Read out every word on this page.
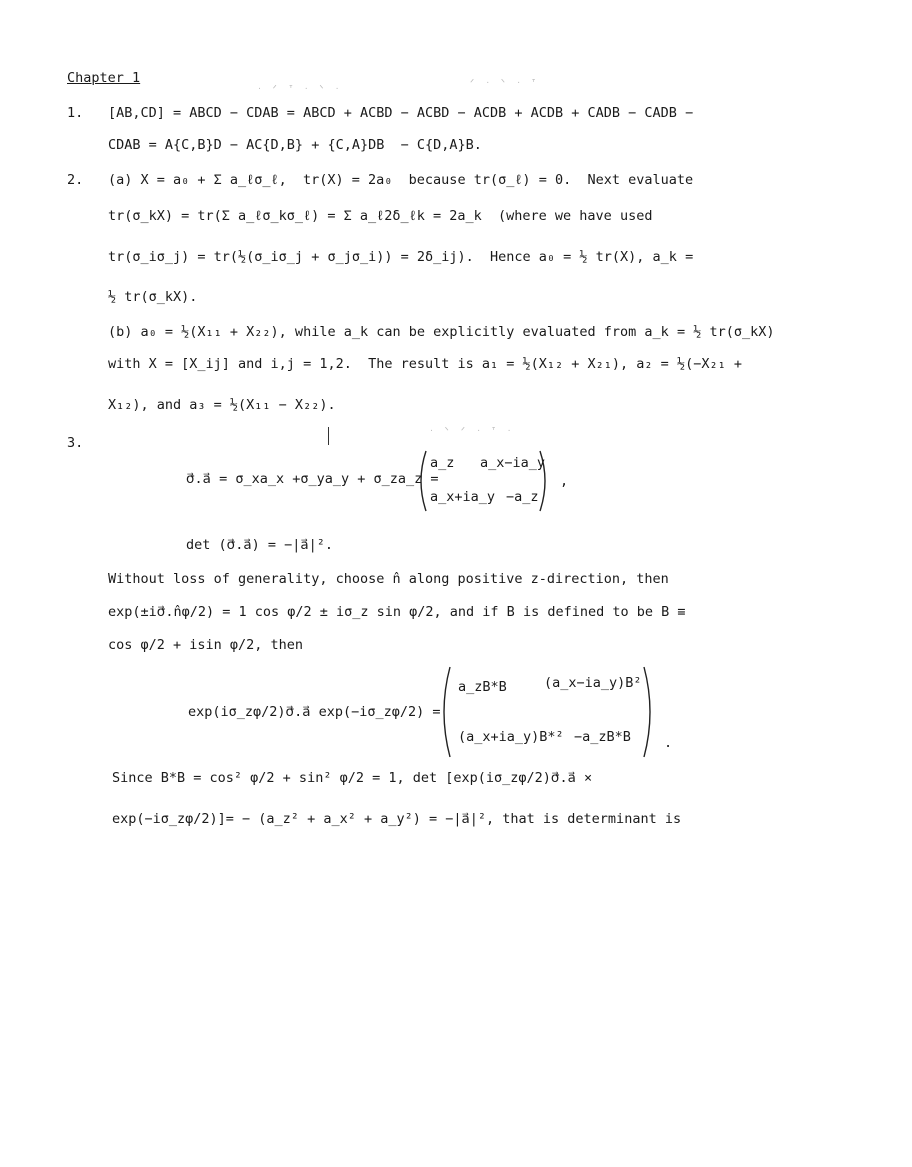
Chapter 1
ᐧ ᐟ ᐪ ᐧ ᐠ ᐧ
ᐟ ᐧ ᐠ ᐧ ᐪ
ᐧ ᐠ ᐟ ᐧ ᐪ ᐧ
1. [AB,CD] = ABCD − CDAB = ABCD + ACBD − ACBD − ACDB + ACDB + CADB − CADB −
CDAB = A{C,B}D − AC{D,B} + {C,A}DB  − C{D,A}B.
2. (a) X = a₀ + Σ a_ℓσ_ℓ,  tr(X) = 2a₀  because tr(σ_ℓ) = 0.  Next evaluate
tr(σ_kX) = tr(Σ a_ℓσ_kσ_ℓ) = Σ a_ℓ2δ_ℓk = 2a_k  (where we have used
tr(σ_iσ_j) = tr(½(σ_iσ_j + σ_jσ_i)) = 2δ_ij).  Hence a₀ = ½ tr(X), a_k =
½ tr(σ_kX).
(b) a₀ = ½(X₁₁ + X₂₂), while a_k can be explicitly evaluated from a_k = ½ tr(σ_kX)
with X = [X_ij] and i,j = 1,2.  The result is a₁ = ½(X₁₂ + X₂₁), a₂ = ½(−X₂₁ +
X₁₂), and a₃ = ½(X₁₁ − X₂₂).
3.
σ⃗.a⃗ = σ_xa_x +σ_ya_y + σ_za_z =
a_z a_x−ia_y
a_x+ia_y −a_z
,
det (σ⃗.a⃗) = −|a⃗|².
Without loss of generality, choose n̂ along positive z-direction, then
exp(±iσ⃗.n̂φ/2) = 1 cos φ/2 ± iσ_z sin φ/2, and if B is defined to be B ≡
cos φ/2 + isin φ/2, then
exp(iσ_zφ/2)σ⃗.a⃗ exp(−iσ_zφ/2) =
a_zB*B	(a_x−ia_y)B²
(a_x+ia_y)B*² −a_zB*B .
Since B*B = cos² φ/2 + sin² φ/2 = 1, det [exp(iσ_zφ/2)σ⃗.a⃗ ×
exp(−iσ_zφ/2)]= − (a_z² + a_x² + a_y²) = −|a⃗|², that is determinant is
